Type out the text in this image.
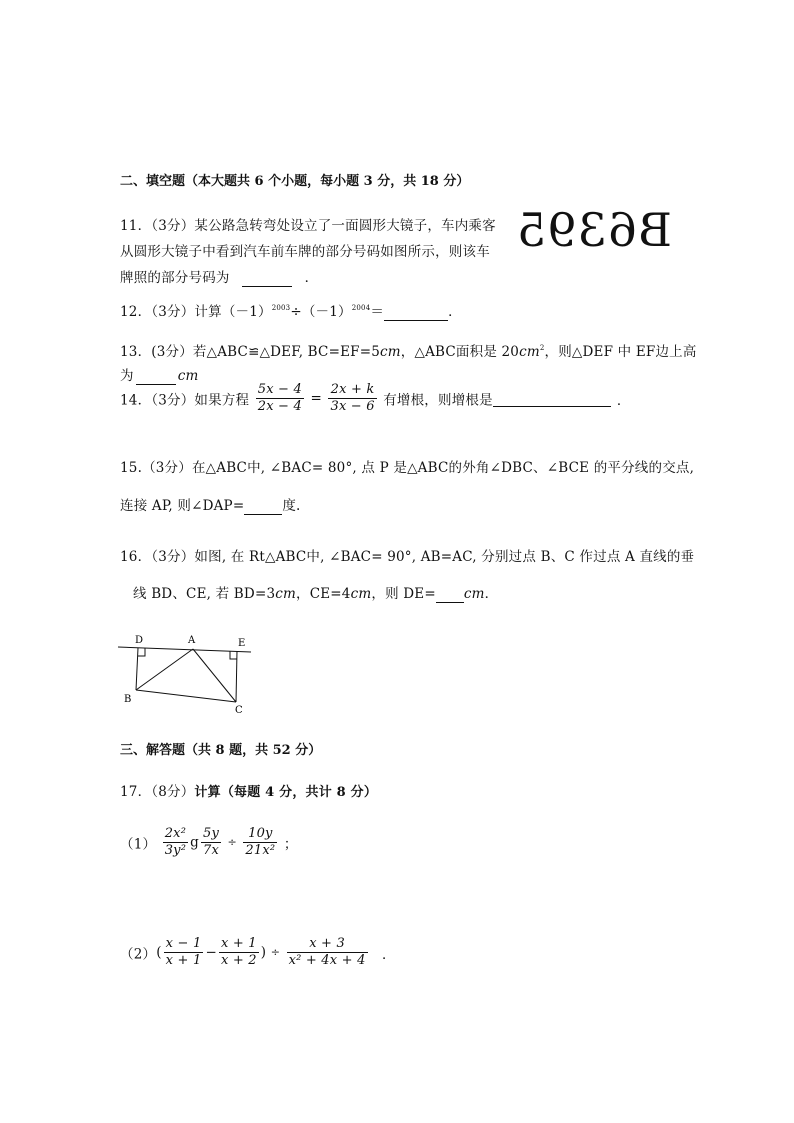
二、填空题（本大题共 6 个小题，每小题 3 分，共 18 分）
11．（3分）某公路急转弯处设立了一面圆形大镜子，车内乘客
从圆形大镜子中看到汽车前车牌的部分号码如图所示，则该车
牌照的部分号码为	．
B6395
12．（3分）计算$(-1)^{2003}\div(-1)^{2004}=$	．
13．(3分）若△ABC≌△DEF, BC=EF=5cm，△ABC面积是 $20cm^2$，则△DEF 中 EF边上高
为	cm
14．（3分）如果方程 $\frac{5x - 4}{2x - 4} = \frac{2x + k}{3x - 6}$ 有增根，则增根是	．
15.（3分）在△ABC中, ∠BAC= 80°, 点 P 是△ABC的外角∠DBC、∠BCE 的平分线的交点,
连接 AP, 则∠DAP=	度.
16．（3分）如图, 在 Rt△ABC中, ∠BAC= 90°, AB=AC, 分别过点 B、C 作过点 A 直线的垂
线 BD、CE, 若 BD=3cm，CE=4cm，则 DE= cm．
D	A	E
B
C
三、解答题（共 8 题，共 52 分）
17．（8分）计算（每题 4 分，共计 8 分）
$(1) \frac{\text{2x²}}{\text{3y²}}$ g $\frac{5y}{7x} \div \frac{10y}{\text{21x²}}$ ；
$(2)( \frac{x - 1}{x + 1} - \frac{x + 1}{x + 2}$ ) ÷ $\frac{x + 3}{\text{x² + 4x + 4}}$ ．
